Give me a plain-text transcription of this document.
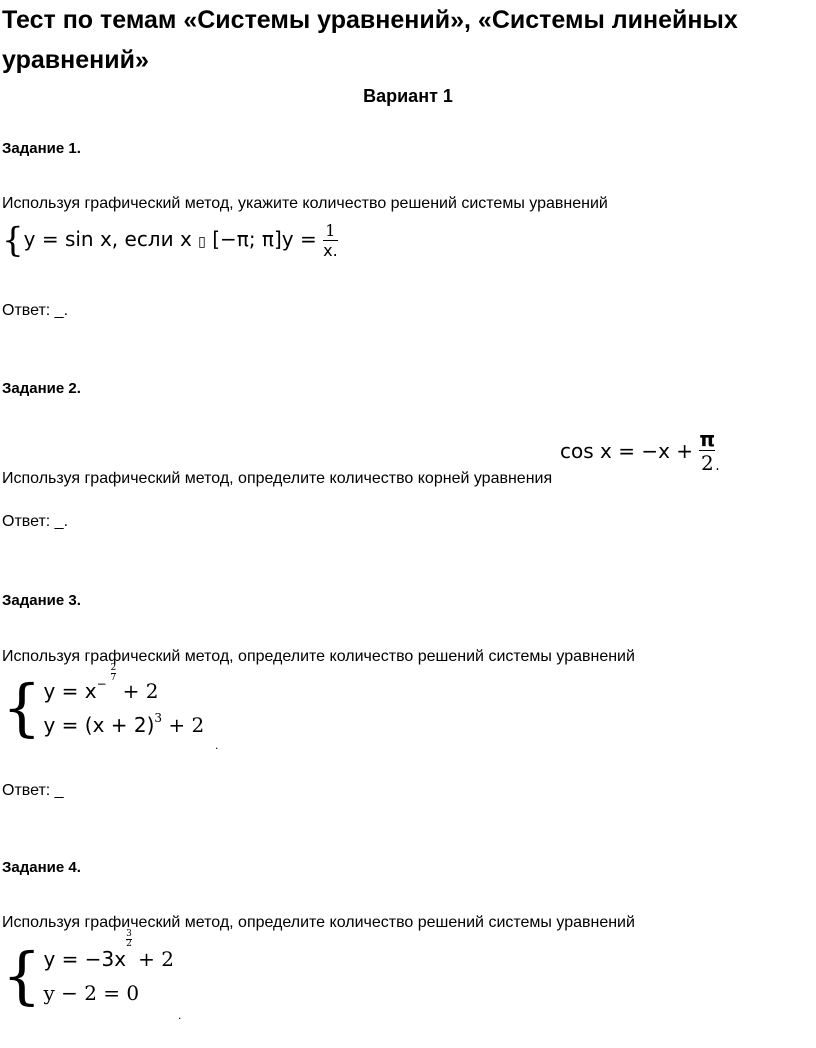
Тест по темам «Системы уравнений», «Системы линейных уравнений»
Вариант 1
Задание 1.
Используя графический метод, укажите количество решений системы уравнений
{y = sin x, если x ▯ [−π; $\pi]y = \frac{1}{x.}$
Ответ: _.
Задание 2.
$\cos x = -x + \frac{\pi}{2}$ .
Используя графический метод, определите количество корней уравнения
Ответ: _.
Задание 3.
Используя графический метод, определите количество решений системы уравнений
{ $y = x^{- \frac{2}{7}}$
+ 2
$y = (x + 2)^3 + 2$
.
Ответ: _
Задание 4.
Используя графический метод, определите количество решений системы уравнений
{ y = −3x
$^{\frac{3}{2}}$
+ 2
y − 2 = 0
.
